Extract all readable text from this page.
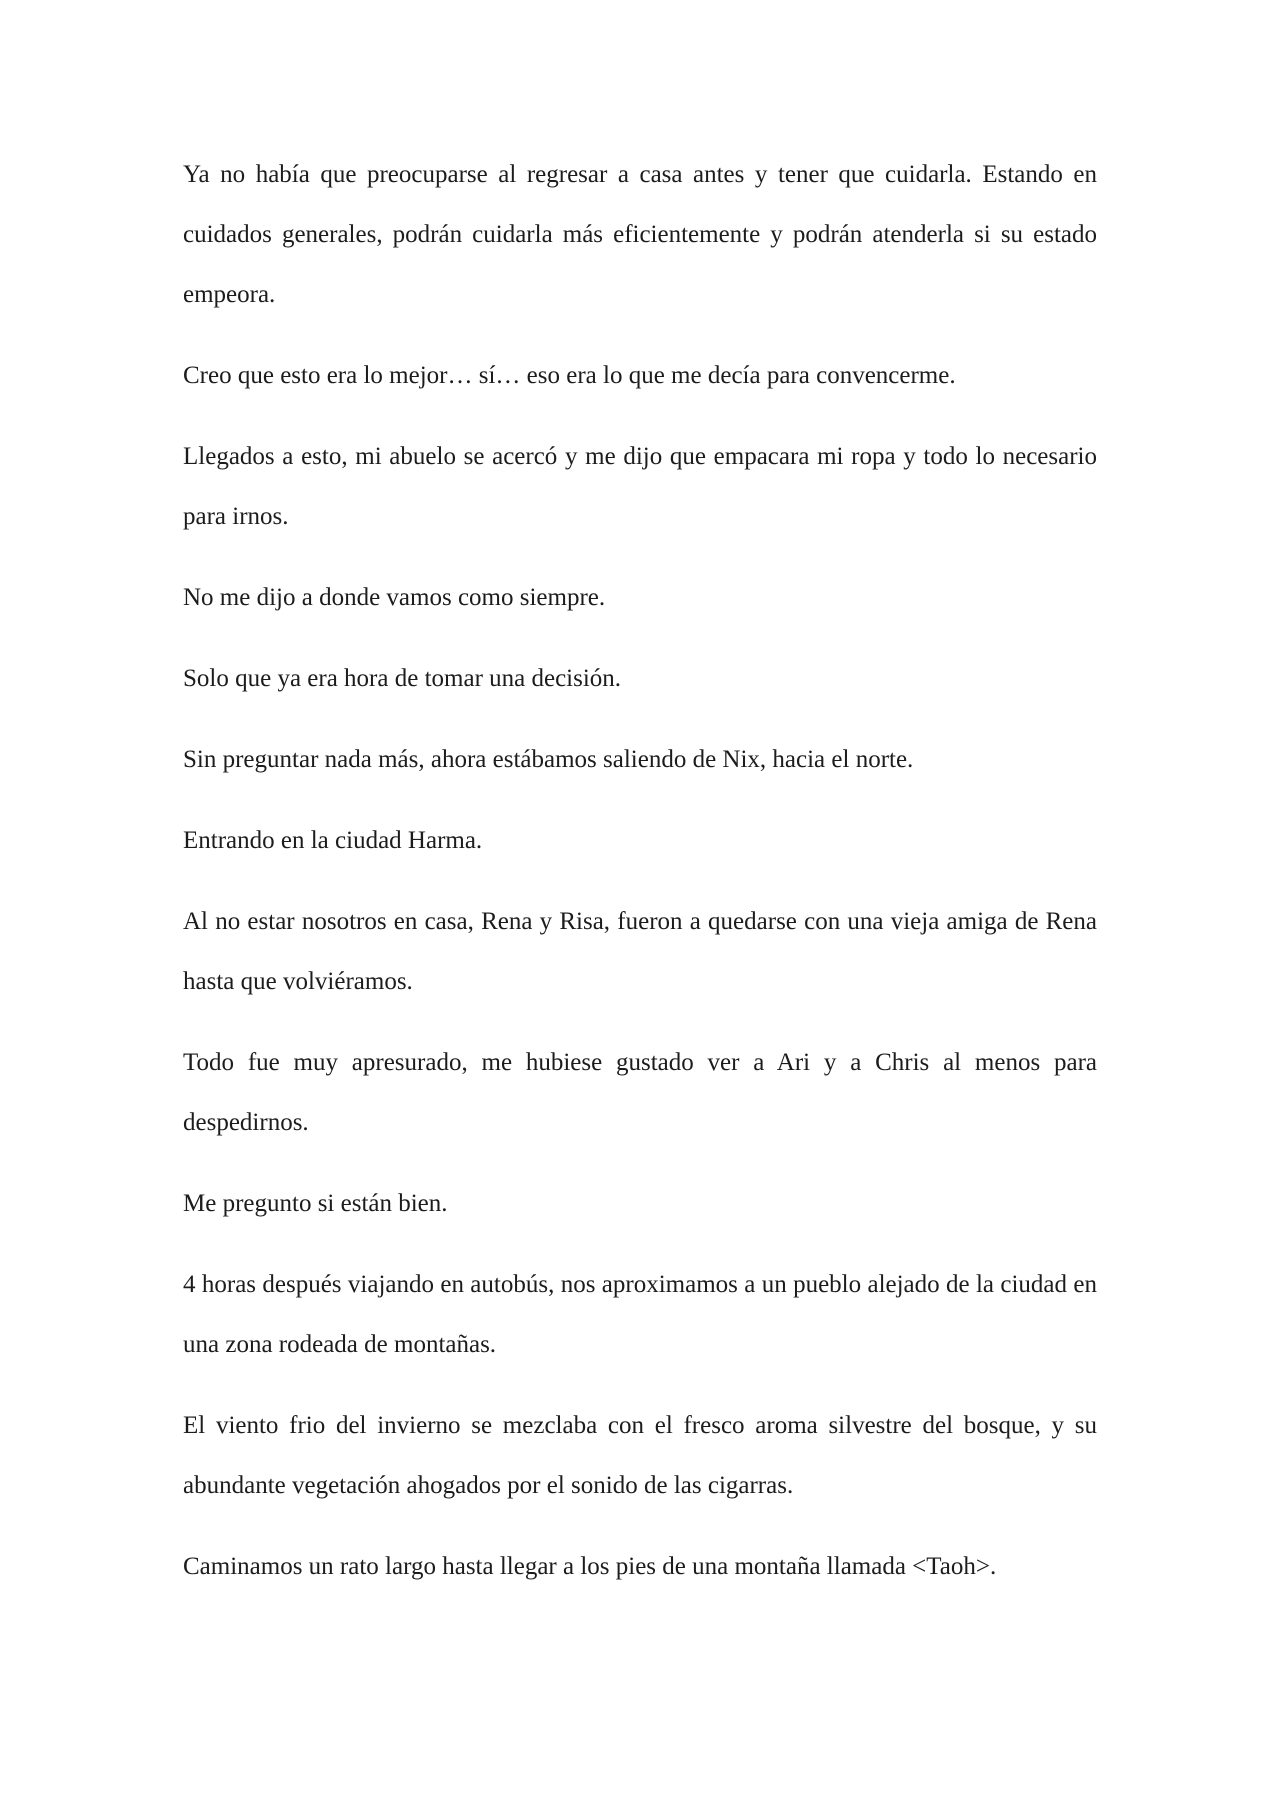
Ya no había que preocuparse al regresar a casa antes y tener que cuidarla. Estando en cuidados generales, podrán cuidarla más eficientemente y podrán atenderla si su estado empeora.

Creo que esto era lo mejor… sí… eso era lo que me decía para convencerme.

Llegados a esto, mi abuelo se acercó y me dijo que empacara mi ropa y todo lo necesario para irnos.

No me dijo a donde vamos como siempre.

Solo que ya era hora de tomar una decisión.

Sin preguntar nada más, ahora estábamos saliendo de Nix, hacia el norte.

Entrando en la ciudad Harma.

Al no estar nosotros en casa, Rena y Risa, fueron a quedarse con una vieja amiga de Rena hasta que volviéramos.

Todo fue muy apresurado, me hubiese gustado ver a Ari y a Chris al menos para despedirnos.

Me pregunto si están bien.

4 horas después viajando en autobús, nos aproximamos a un pueblo alejado de la ciudad en una zona rodeada de montañas.

El viento frio del invierno se mezclaba con el fresco aroma silvestre del bosque, y su abundante vegetación ahogados por el sonido de las cigarras.

Caminamos un rato largo hasta llegar a los pies de una montaña llamada <Taoh>.
